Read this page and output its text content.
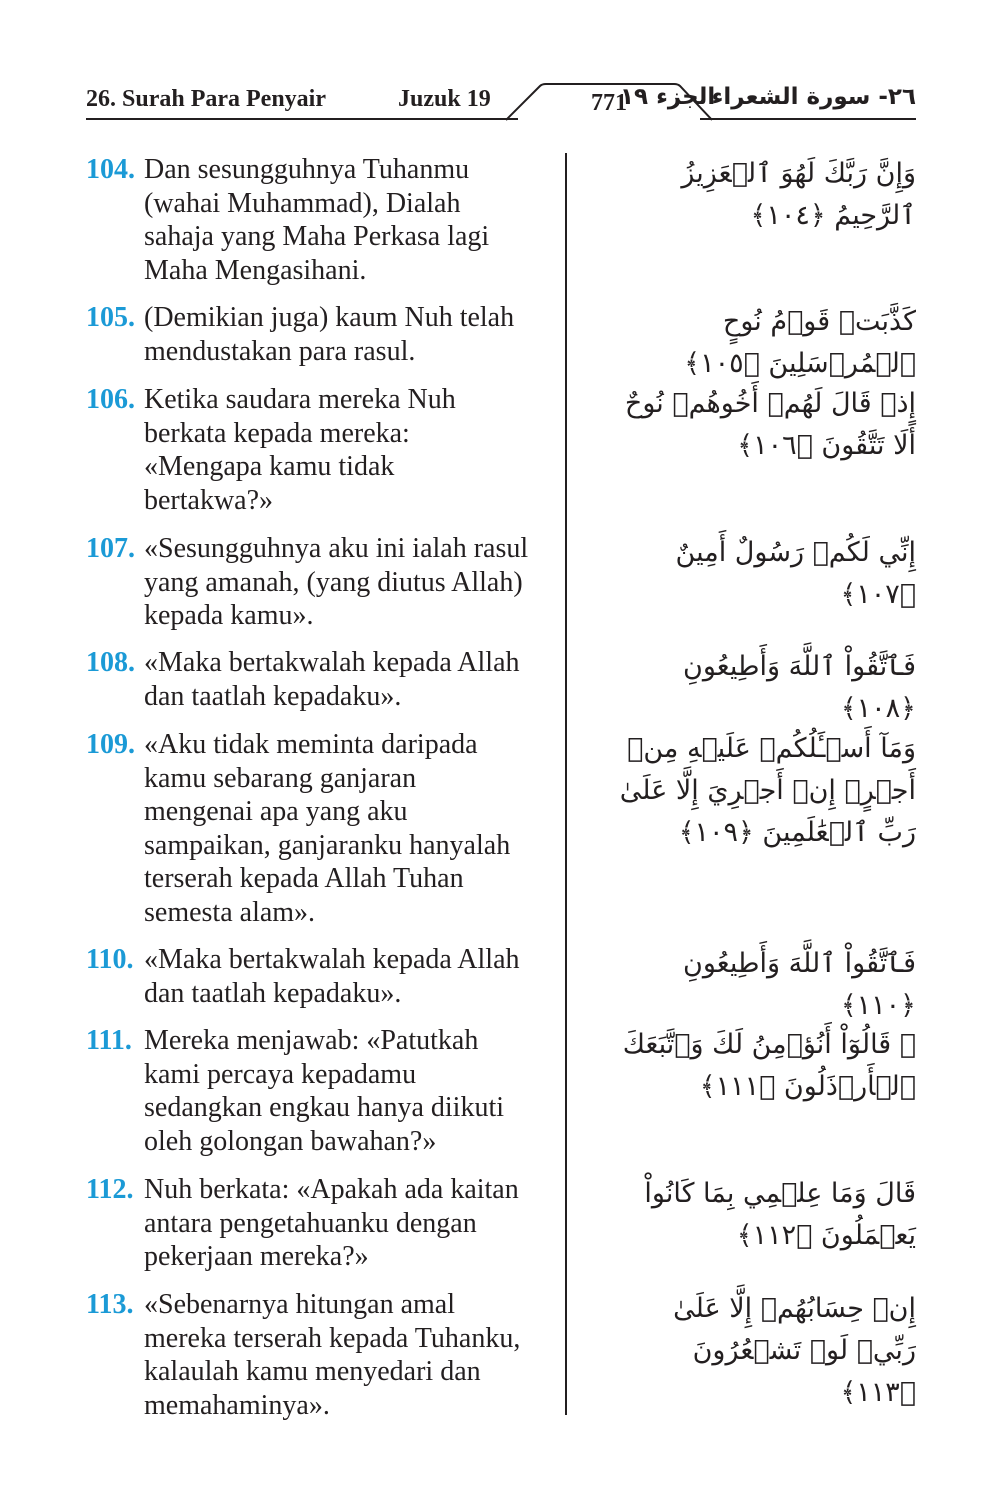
26. Surah Para Penyair	Juzuk 19	771
الجزء ١٩
٢٦- سورة الشعراء
104. Dan sesungguhnya Tuhanmu
(wahai Muhammad), Dialah
sahaja yang Maha Perkasa lagi
Maha Mengasihani.
وَإِنَّ رَبَّكَ لَهُوَ ٱلۡعَزِيزُ ٱلرَّحِيمُ ﴿١٠٤﴾
105. (Demikian juga) kaum Nuh telah
mendustakan para rasul.
كَذَّبَتۡ قَوۡمُ نُوحٍ ٱلۡمُرۡسَلِينَ ﴿١٠٥﴾
106. Ketika saudara mereka Nuh
berkata kepada mereka:
«Mengapa kamu tidak
bertakwa?»
إِذۡ قَالَ لَهُمۡ أَخُوهُمۡ نُوحٌ أَلَا تَتَّقُونَ ﴿١٠٦﴾
107. «Sesungguhnya aku ini ialah rasul
yang amanah, (yang diutus Allah)
kepada kamu».
إِنِّي لَكُمۡ رَسُولٌ أَمِينٌ ﴿١٠٧﴾
108. «Maka bertakwalah kepada Allah
dan taatlah kepadaku».
فَٱتَّقُواْ ٱللَّهَ وَأَطِيعُونِ ﴿١٠٨﴾
109. «Aku tidak meminta daripada
kamu sebarang ganjaran
mengenai apa yang aku
sampaikan, ganjaranku hanyalah
terserah kepada Allah Tuhan
semesta alam».
وَمَآ أَسۡـَٔلُكُمۡ عَلَيۡهِ مِنۡ أَجۡرٍۖ إِنۡ أَجۡرِيَ إِلَّا عَلَىٰ
رَبِّ ٱلۡعَٰلَمِينَ ﴿١٠٩﴾
110. «Maka bertakwalah kepada Allah
dan taatlah kepadaku».
فَٱتَّقُواْ ٱللَّهَ وَأَطِيعُونِ ﴿١١٠﴾
111. Mereka menjawab: «Patutkah
kami percaya kepadamu
sedangkan engkau hanya diikuti
oleh golongan bawahan?»
۞ قَالُوٓاْ أَنُؤۡمِنُ لَكَ وَٱتَّبَعَكَ ٱلۡأَرۡذَلُونَ ﴿١١١﴾
112. Nuh berkata: «Apakah ada kaitan
antara pengetahuanku dengan
pekerjaan mereka?»
قَالَ وَمَا عِلۡمِي بِمَا كَانُواْ يَعۡمَلُونَ ﴿١١٢﴾
113. «Sebenarnya hitungan amal
mereka terserah kepada Tuhanku,
kalaulah kamu menyedari dan
memahaminya».
إِنۡ حِسَابُهُمۡ إِلَّا عَلَىٰ رَبِّيۖ لَوۡ تَشۡعُرُونَ ﴿١١٣﴾
